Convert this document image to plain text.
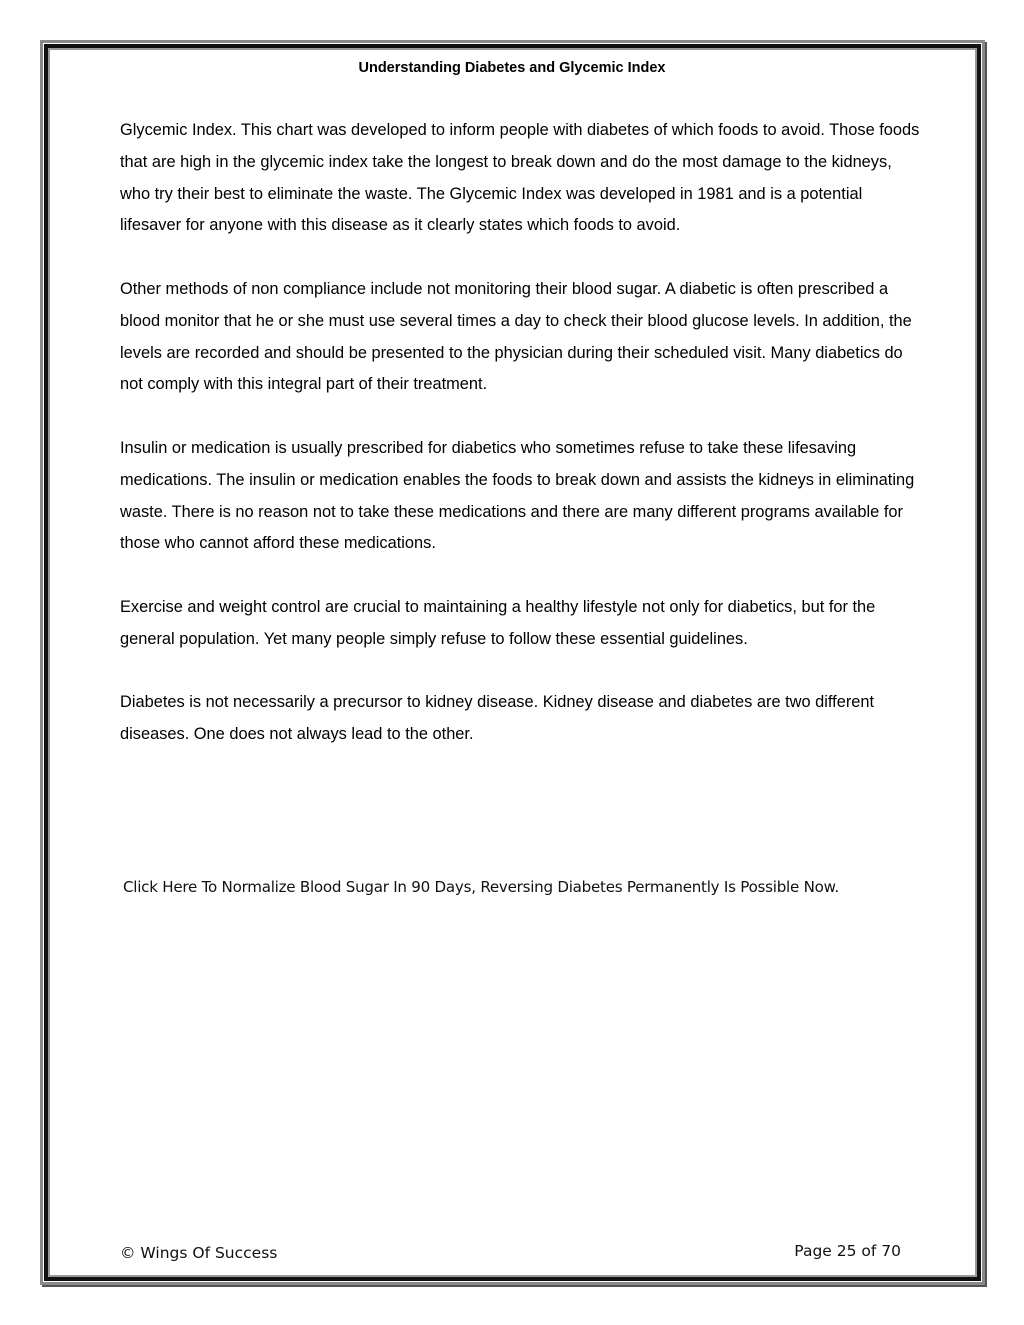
Understanding Diabetes and Glycemic Index

Glycemic Index. This chart was developed to inform people with diabetes of which foods to avoid. Those foods that are high in the glycemic index take the longest to break down and do the most damage to the kidneys, who try their best to eliminate the waste. The Glycemic Index was developed in 1981 and is a potential lifesaver for anyone with this disease as it clearly states which foods to avoid.

Other methods of non compliance include not monitoring their blood sugar. A diabetic is often prescribed a blood monitor that he or she must use several times a day to check their blood glucose levels. In addition, the levels are recorded and should be presented to the physician during their scheduled visit. Many diabetics do not comply with this integral part of their treatment.

Insulin or medication is usually prescribed for diabetics who sometimes refuse to take these lifesaving medications. The insulin or medication enables the foods to break down and assists the kidneys in eliminating waste. There is no reason not to take these medications and there are many different programs available for those who cannot afford these medications.

Exercise and weight control are crucial to maintaining a healthy lifestyle not only for diabetics, but for the general population. Yet many people simply refuse to follow these essential guidelines.

Diabetes is not necessarily a precursor to kidney disease. Kidney disease and diabetes are two different diseases. One does not always lead to the other.

Click Here To Normalize Blood Sugar In 90 Days, Reversing Diabetes Permanently Is Possible Now.
© Wings Of Success	Page 25 of 70
